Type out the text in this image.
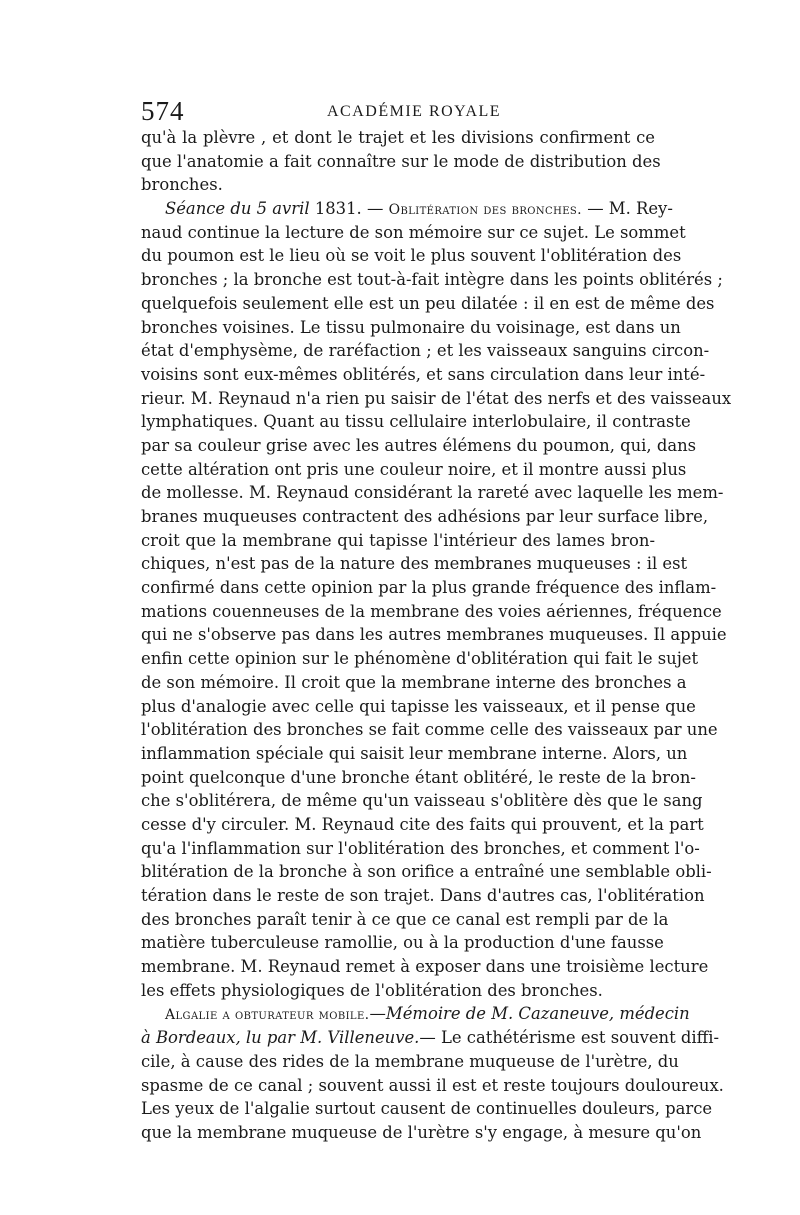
574	ACADÉMIE ROYALE
qu'à la plèvre , et dont le trajet et les divisions confirment ce
que l'anatomie a fait connaître sur le mode de distribution des
bronches.
Séance du 5 avril 1831. — Oblitération des bronches. — M. Rey-
naud continue la lecture de son mémoire sur ce sujet. Le sommet
du poumon est le lieu où se voit le plus souvent l'oblitération des
bronches ; la bronche est tout-à-fait intègre dans les points oblitérés ;
quelquefois seulement elle est un peu dilatée : il en est de même des
bronches voisines. Le tissu pulmonaire du voisinage, est dans un
état d'emphysème, de raréfaction ; et les vaisseaux sanguins circon-
voisins sont eux-mêmes oblitérés, et sans circulation dans leur inté-
rieur. M. Reynaud n'a rien pu saisir de l'état des nerfs et des vaisseaux
lymphatiques. Quant au tissu cellulaire interlobulaire, il contraste
par sa couleur grise avec les autres élémens du poumon, qui, dans
cette altération ont pris une couleur noire, et il montre aussi plus
de mollesse. M. Reynaud considérant la rareté avec laquelle les mem-
branes muqueuses contractent des adhésions par leur surface libre,
croit que la membrane qui tapisse l'intérieur des lames bron-
chiques, n'est pas de la nature des membranes muqueuses : il est
confirmé dans cette opinion par la plus grande fréquence des inflam-
mations couenneuses de la membrane des voies aériennes, fréquence
qui ne s'observe pas dans les autres membranes muqueuses. Il appuie
enfin cette opinion sur le phénomène d'oblitération qui fait le sujet
de son mémoire. Il croit que la membrane interne des bronches a
plus d'analogie avec celle qui tapisse les vaisseaux, et il pense que
l'oblitération des bronches se fait comme celle des vaisseaux par une
inflammation spéciale qui saisit leur membrane interne. Alors, un
point quelconque d'une bronche étant oblitéré, le reste de la bron-
che s'oblitérera, de même qu'un vaisseau s'oblitère dès que le sang
cesse d'y circuler. M. Reynaud cite des faits qui prouvent, et la part
qu'a l'inflammation sur l'oblitération des bronches, et comment l'o-
blitération de la bronche à son orifice a entraîné une semblable obli-
tération dans le reste de son trajet. Dans d'autres cas, l'oblitération
des bronches paraît tenir à ce que ce canal est rempli par de la
matière tuberculeuse ramollie, ou à la production d'une fausse
membrane. M. Reynaud remet à exposer dans une troisième lecture
les effets physiologiques de l'oblitération des bronches.
Algalie a obturateur mobile.—Mémoire de M. Cazaneuve, médecin
à Bordeaux, lu par M. Villeneuve.— Le cathétérisme est souvent diffi-
cile, à cause des rides de la membrane muqueuse de l'urètre, du
spasme de ce canal ; souvent aussi il est et reste toujours douloureux.
Les yeux de l'algalie surtout causent de continuelles douleurs, parce
que la membrane muqueuse de l'urètre s'y engage, à mesure qu'on
